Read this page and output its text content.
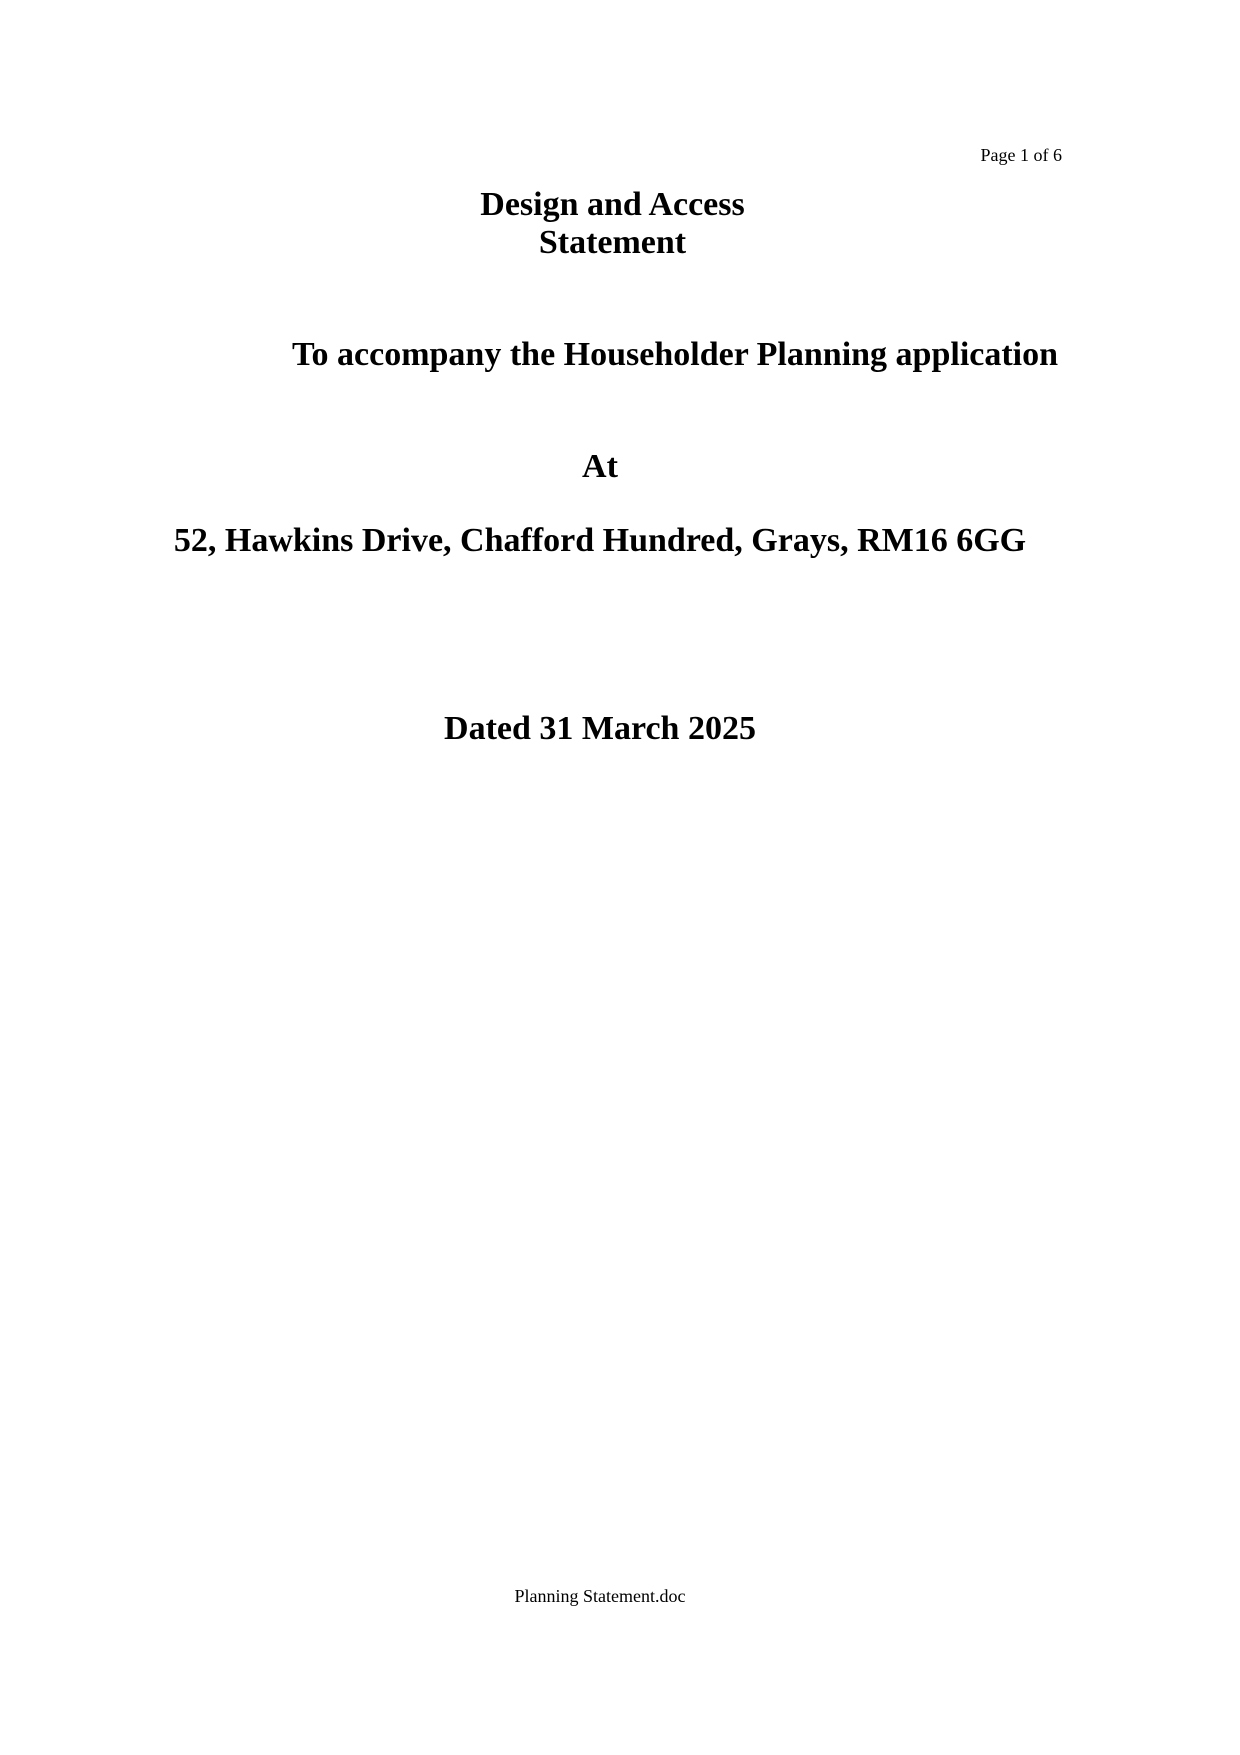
Page 1 of 6
Design and Access
Statement
To accompany the Householder Planning application
At
52, Hawkins Drive, Chafford Hundred, Grays, RM16 6GG
Dated 31 March 2025
Planning Statement.doc
